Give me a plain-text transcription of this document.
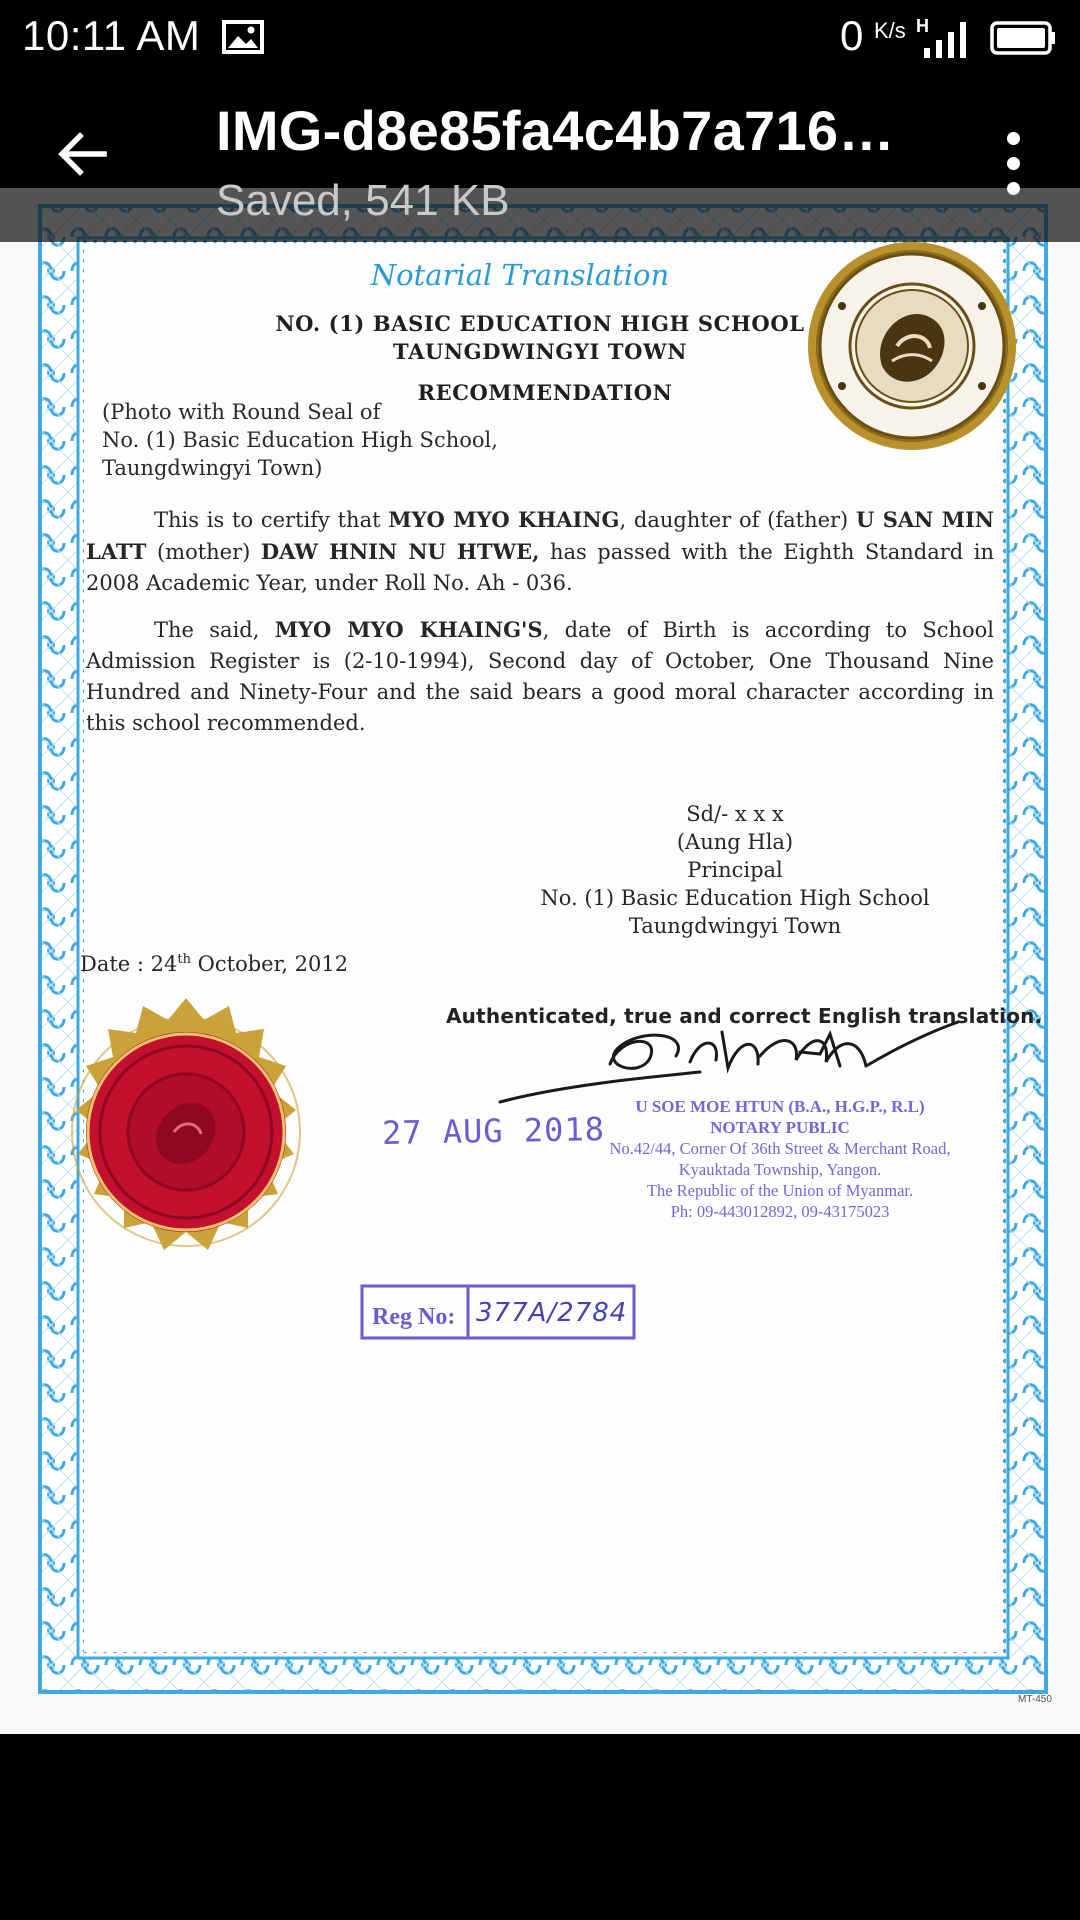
10:11 AM	0 K/s H
Notarial Translation
NO. (1) BASIC EDUCATION HIGH SCHOOL
TAUNGDWINGYI TOWN
RECOMMENDATION
(Photo with Round Seal of
No. (1) Basic Education High School,
Taungdwingyi Town)
This is to certify that MYO MYO KHAING, daughter of (father) U SAN MIN LATT (mother) DAW HNIN NU HTWE, has passed with the Eighth Standard in 2008 Academic Year, under Roll No. Ah - 036.
The said, MYO MYO KHAING'S, date of Birth is according to School Admission Register is (2-10-1994), Second day of October, One Thousand Nine Hundred and Ninety-Four and the said bears a good moral character according in this school recommended.
Sd/- x x x
(Aung Hla)
Principal
No. (1) Basic Education High School
Taungdwingyi Town
Date : 24th October, 2012
Authenticated, true and correct English translation.
27 AUG 2018
U SOE MOE HTUN (B.A., H.G.P., R.L)
NOTARY PUBLIC
No.42/44, Corner Of 36th Street & Merchant Road,
Kyauktada Township, Yangon.
The Republic of the Union of Myanmar.
Ph: 09-443012892, 09-43175023
Reg No: 377A/2784
MT-450
IMG-d8e85fa4c4b7a716…
Saved, 541 KB
